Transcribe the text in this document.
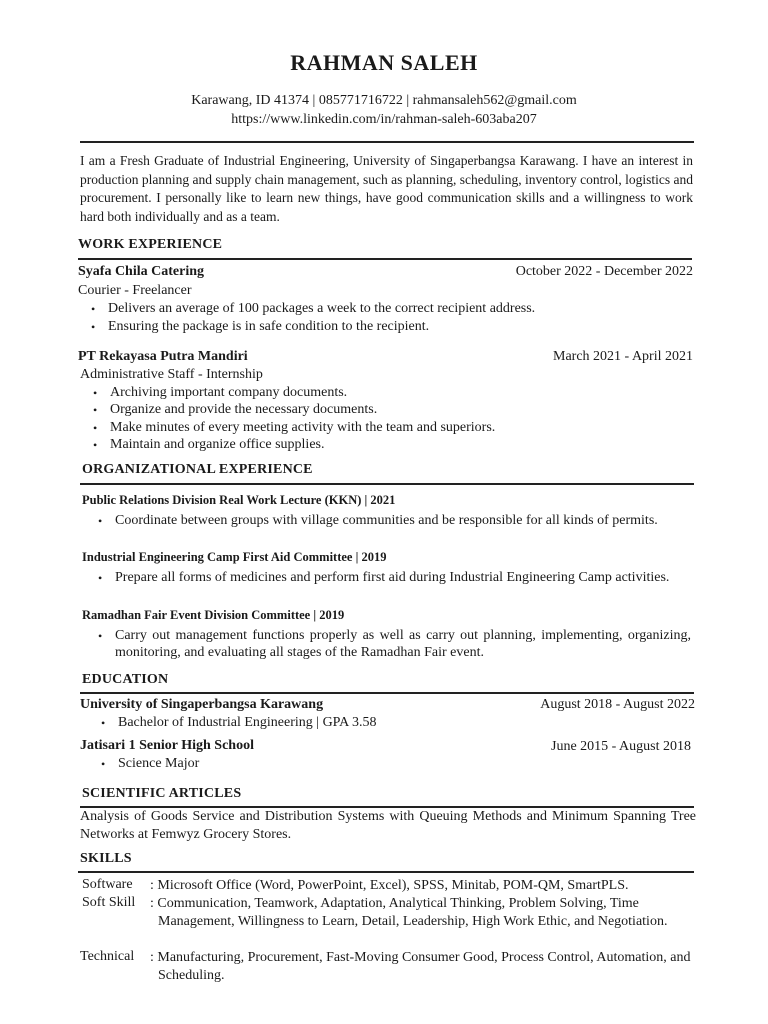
RAHMAN SALEH
Karawang, ID 41374 | 085771716722 | rahmansaleh562@gmail.com
https://www.linkedin.com/in/rahman-saleh-603aba207
I am a Fresh Graduate of Industrial Engineering, University of Singaperbangsa Karawang. I have an interest in production planning and supply chain management, such as planning, scheduling, inventory control, logistics and procurement. I personally like to learn new things, have good communication skills and a willingness to work hard both individually and as a team.
WORK EXPERIENCE
Syafa Chila Catering	October 2022 - December 2022
Courier - Freelancer
• Delivers an average of 100 packages a week to the correct recipient address.
• Ensuring the package is in safe condition to the recipient.
PT Rekayasa Putra Mandiri	March 2021 - April 2021
Administrative Staff - Internship
• Archiving important company documents.
• Organize and provide the necessary documents.
• Make minutes of every meeting activity with the team and superiors.
• Maintain and organize office supplies.
ORGANIZATIONAL EXPERIENCE
Public Relations Division Real Work Lecture (KKN) | 2021
• Coordinate between groups with village communities and be responsible for all kinds of permits.
Industrial Engineering Camp First Aid Committee | 2019
• Prepare all forms of medicines and perform first aid during Industrial Engineering Camp activities.
Ramadhan Fair Event Division Committee | 2019
• Carry out management functions properly as well as carry out planning, implementing, organizing, monitoring, and evaluating all stages of the Ramadhan Fair event.
EDUCATION
University of Singaperbangsa Karawang	August 2018 - August 2022
• Bachelor of Industrial Engineering | GPA 3.58
Jatisari 1 Senior High School	June 2015 - August 2018
• Science Major
SCIENTIFIC ARTICLES
Analysis of Goods Service and Distribution Systems with Queuing Methods and Minimum Spanning Tree Networks at Femwyz Grocery Stores.
SKILLS
Software : Microsoft Office (Word, PowerPoint, Excel), SPSS, Minitab, POM-QM, SmartPLS.
Soft Skill : Communication, Teamwork, Adaptation, Analytical Thinking, Problem Solving, Time Management, Willingness to Learn, Detail, Leadership, High Work Ethic, and Negotiation.
Technical : Manufacturing, Procurement, Fast-Moving Consumer Good, Process Control, Automation, and Scheduling.
